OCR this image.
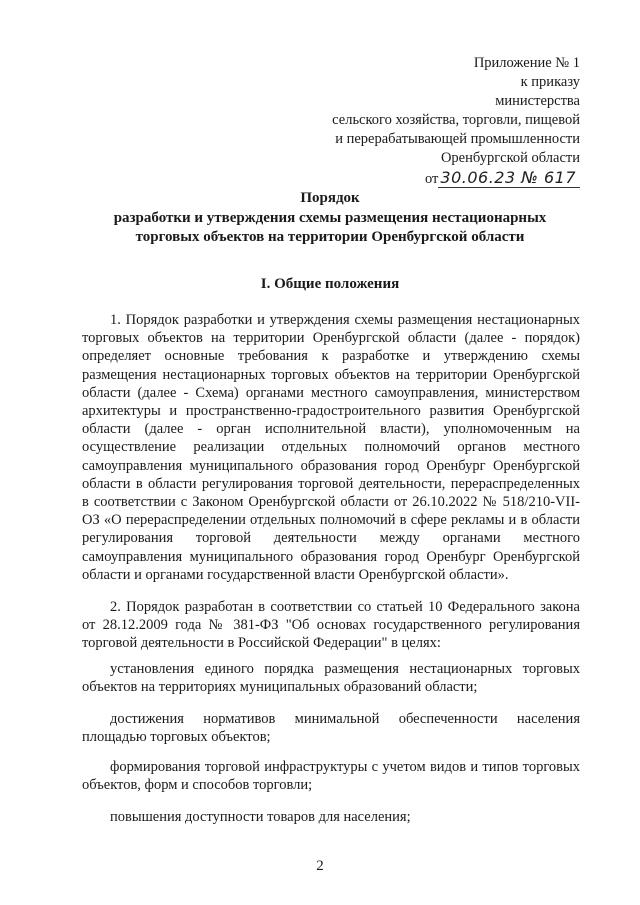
Приложение № 1
к приказу
министерства
сельского хозяйства, торговли, пищевой
и перерабатывающей промышленности
Оренбургской области
от 30.06.23 № 617
Порядок
разработки и утверждения схемы размещения нестационарных
торговых объектов на территории Оренбургской области
I. Общие положения

1. Порядок разработки и утверждения схемы размещения нестационарных торговых объектов на территории Оренбургской области (далее - порядок) определяет основные требования к разработке и утверждению схемы размещения нестационарных торговых объектов на территории Оренбургской области (далее - Схема) органами местного самоуправления, министерством архитектуры и пространственно-градостроительного развития Оренбургской области (далее - орган исполнительной власти), уполномоченным на осуществление реализации отдельных полномочий органов местного самоуправления муниципального образования город Оренбург Оренбургской области в области регулирования торговой деятельности, перераспределенных в соответствии с Законом Оренбургской области от 26.10.2022 № 518/210-VII-ОЗ «О перераспределении отдельных полномочий в сфере рекламы и в области регулирования торговой деятельности между органами местного самоуправления муниципального образования город Оренбург Оренбургской области и органами государственной власти Оренбургской области».

2. Порядок разработан в соответствии со статьей 10 Федерального закона от 28.12.2009 года № 381-ФЗ "Об основах государственного регулирования торговой деятельности в Российской Федерации" в целях:

установления единого порядка размещения нестационарных торговых объектов на территориях муниципальных образований области;

достижения нормативов минимальной обеспеченности населения площадью торговых объектов;

формирования торговой инфраструктуры с учетом видов и типов торговых объектов, форм и способов торговли;

повышения доступности товаров для населения;

2
